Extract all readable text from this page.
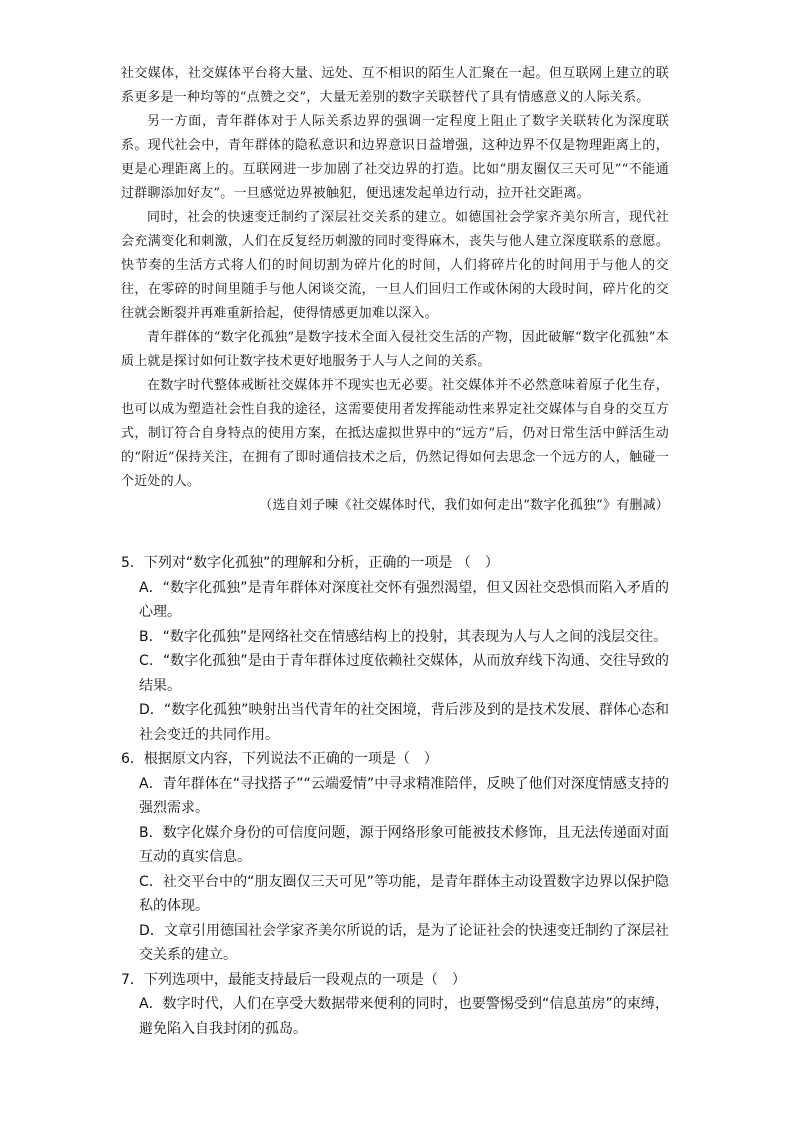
社交媒体，社交媒体平台将大量、远处、互不相识的陌生人汇聚在一起。但互联网上建立的联系更多是一种均等的“点赞之交”，大量无差别的数字关联替代了具有情感意义的人际关系。

另一方面，青年群体对于人际关系边界的强调一定程度上阻止了数字关联转化为深度联系。现代社会中，青年群体的隐私意识和边界意识日益增强，这种边界不仅是物理距离上的，更是心理距离上的。互联网进一步加剧了社交边界的打造。比如“朋友圈仅三天可见”“不能通过群聊添加好友”。一旦感觉边界被触犯，便迅速发起单边行动，拉开社交距离。

同时，社会的快速变迁制约了深层社交关系的建立。如德国社会学家齐美尔所言，现代社会充满变化和刺激，人们在反复经历刺激的同时变得麻木，丧失与他人建立深度联系的意愿。快节奏的生活方式将人们的时间切割为碎片化的时间，人们将碎片化的时间用于与他人的交往，在零碎的时间里随手与他人闲谈交流，一旦人们回归工作或休闲的大段时间，碎片化的交往就会断裂并再难重新拾起，使得情感更加难以深入。

青年群体的“数字化孤独”是数字技术全面入侵社交生活的产物，因此破解“数字化孤独”本质上就是探讨如何让数字技术更好地服务于人与人之间的关系。

在数字时代整体戒断社交媒体并不现实也无必要。社交媒体并不必然意味着原子化生存，也可以成为塑造社会性自我的途径，这需要使用者发挥能动性来界定社交媒体与自身的交互方式，制订符合自身特点的使用方案，在抵达虚拟世界中的“远方”后，仍对日常生活中鲜活生动的“附近”保持关注，在拥有了即时通信技术之后，仍然记得如何去思念一个远方的人，触碰一个近处的人。

（选自刘子暕《社交媒体时代，我们如何走出“数字化孤独”》有删减）

5．下列对“数字化孤独”的理解和分析，正确的一项是 （　）

A．“数字化孤独”是青年群体对深度社交怀有强烈渴望，但又因社交恐惧而陷入矛盾的心理。

B．“数字化孤独”是网络社交在情感结构上的投射，其表现为人与人之间的浅层交往。

C．“数字化孤独”是由于青年群体过度依赖社交媒体，从而放弃线下沟通、交往导致的结果。

D．“数字化孤独”映射出当代青年的社交困境，背后涉及到的是技术发展、群体心态和社会变迁的共同作用。

6．根据原文内容，下列说法不正确的一项是（　）

A．青年群体在“寻找搭子”“云端爱情”中寻求精准陪伴，反映了他们对深度情感支持的强烈需求。

B．数字化媒介身份的可信度问题，源于网络形象可能被技术修饰，且无法传递面对面互动的真实信息。

C．社交平台中的“朋友圈仅三天可见”等功能，是青年群体主动设置数字边界以保护隐私的体现。

D．文章引用德国社会学家齐美尔所说的话，是为了论证社会的快速变迁制约了深层社交关系的建立。

7．下列选项中，最能支持最后一段观点的一项是（　）

A．数字时代，人们在享受大数据带来便利的同时，也要警惕受到“信息茧房”的束缚，避免陷入自我封闭的孤岛。
